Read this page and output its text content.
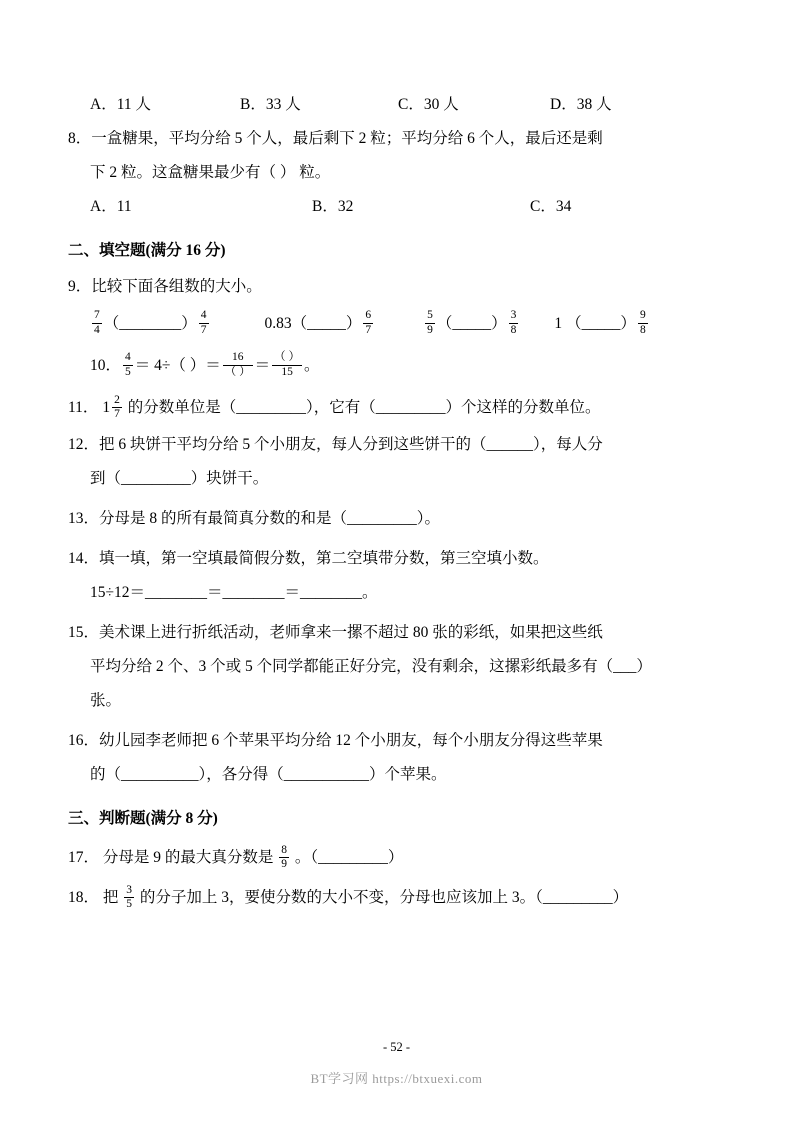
A．11 人	B．33 人	C．30 人	D．38 人
8．一盒糖果，平均分给 5 个人，最后剩下 2 粒；平均分给 6 个人，最后还是剩
下 2 粒。这盒糖果最少有（ ） 粒。
A．11	B．32	C．34
二、填空题(满分 16 分)
9．比较下面各组数的大小。
$\frac{7}{4}$ （________） $\frac{4}{7}$	0.83 （_____） $\frac{6}{7}$	$\frac{5}{9}$ （_____） $\frac{3}{8} 1$ （_____） $\frac{9}{8}$
10． $\frac{4}{5} = 4\div$（ ）＝ $\frac{16}{( )} = \frac{( )}{15}$ 。
11． $1 \frac{2}{7}$ 的分数单位是（_________），它有（_________）个这样的分数单位。
12．把 6 块饼干平均分给 5 个小朋友，每人分到这些饼干的（______），每人分
到（_________）块饼干。
13．分母是 8 的所有最简真分数的和是（_________）。
14．填一填，第一空填最简假分数，第二空填带分数，第三空填小数。
15÷12＝________＝________＝________。
15．美术课上进行折纸活动，老师拿来一摞不超过 80 张的彩纸，如果把这些纸
平均分给 2 个、3 个或 5 个同学都能正好分完，没有剩余，这摞彩纸最多有（___）
张。
16．幼儿园李老师把 6 个苹果平均分给 12 个小朋友，每个小朋友分得这些苹果
的（__________），各分得（___________）个苹果。
三、判断题(满分 8 分)
17． 分母是 9 的最大真分数是 $\frac{8}{9}$ 。（_________）
18． 把 $\frac{3}{5}$ 的分子加上 3，要使分数的大小不变，分母也应该加上 3。（_________）
- 52 -
BT学习网 https://btxuexi.com
